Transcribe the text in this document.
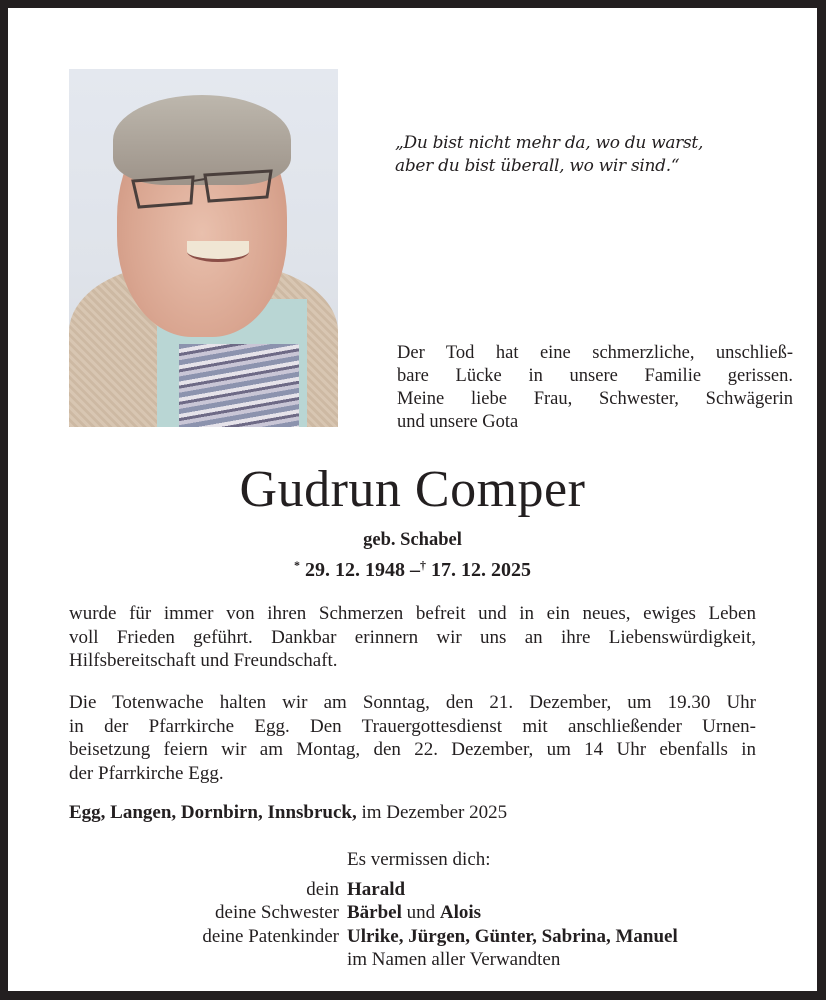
„Du bist nicht mehr da, wo du warst,
aber du bist überall, wo wir sind.“
Der Tod hat eine schmerzliche, unschließ-
bare Lücke in unsere Familie gerissen.
Meine liebe Frau, Schwester, Schwägerin
und unsere Gota
Gudrun Comper
geb. Schabel
* 29. 12. 1948 –† 17. 12. 2025
wurde für immer von ihren Schmerzen befreit und in ein neues, ewiges Leben
voll Frieden geführt. Dankbar erinnern wir uns an ihre Liebenswürdigkeit,
Hilfsbereitschaft und Freundschaft.
Die Totenwache halten wir am Sonntag, den 21. Dezember, um 19.30 Uhr
in der Pfarrkirche Egg. Den Trauergottesdienst mit anschließender Urnen-
beisetzung feiern wir am Montag, den 22. Dezember, um 14 Uhr ebenfalls in
der Pfarrkirche Egg.
Egg, Langen, Dornbirn, Innsbruck, im Dezember 2025
Es vermissen dich:
dein Harald
deine Schwester Bärbel und Alois
deine Patenkinder Ulrike, Jürgen, Günter, Sabrina, Manuel
im Namen aller Verwandten
